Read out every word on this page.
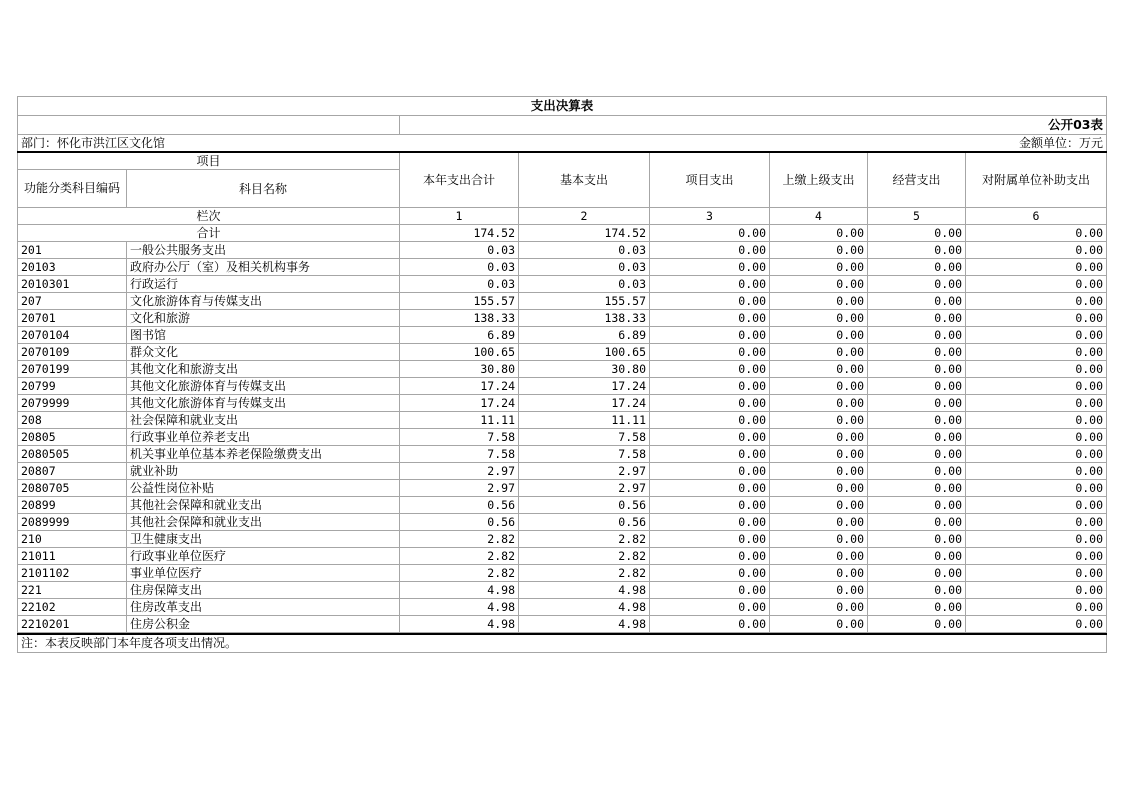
支出决算表							
		公开03表					
部门：怀化市洪江区文化馆		金额单位：万元					
项目		本年支出合计	基本支出	项目支出	上缴上级支出	经营支出	对附属单位补助支出
功能分类科目编码	科目名称						
栏次		1	2	3	4	5	6
合计		174.52	174.52	0.00	0.00	0.00	0.00
201	一般公共服务支出	0.03	0.03	0.00	0.00	0.00	0.00
20103	政府办公厅（室）及相关机构事务	0.03	0.03	0.00	0.00	0.00	0.00
2010301	行政运行	0.03	0.03	0.00	0.00	0.00	0.00
207	文化旅游体育与传媒支出	155.57	155.57	0.00	0.00	0.00	0.00
20701	文化和旅游	138.33	138.33	0.00	0.00	0.00	0.00
2070104	图书馆	6.89	6.89	0.00	0.00	0.00	0.00
2070109	群众文化	100.65	100.65	0.00	0.00	0.00	0.00
2070199	其他文化和旅游支出	30.80	30.80	0.00	0.00	0.00	0.00
20799	其他文化旅游体育与传媒支出	17.24	17.24	0.00	0.00	0.00	0.00
2079999	其他文化旅游体育与传媒支出	17.24	17.24	0.00	0.00	0.00	0.00
208	社会保障和就业支出	11.11	11.11	0.00	0.00	0.00	0.00
20805	行政事业单位养老支出	7.58	7.58	0.00	0.00	0.00	0.00
2080505	机关事业单位基本养老保险缴费支出	7.58	7.58	0.00	0.00	0.00	0.00
20807	就业补助	2.97	2.97	0.00	0.00	0.00	0.00
2080705	公益性岗位补贴	2.97	2.97	0.00	0.00	0.00	0.00
20899	其他社会保障和就业支出	0.56	0.56	0.00	0.00	0.00	0.00
2089999	其他社会保障和就业支出	0.56	0.56	0.00	0.00	0.00	0.00
210	卫生健康支出	2.82	2.82	0.00	0.00	0.00	0.00
21011	行政事业单位医疗	2.82	2.82	0.00	0.00	0.00	0.00
2101102	事业单位医疗	2.82	2.82	0.00	0.00	0.00	0.00
221	住房保障支出	4.98	4.98	0.00	0.00	0.00	0.00
22102	住房改革支出	4.98	4.98	0.00	0.00	0.00	0.00
2210201	住房公积金	4.98	4.98	0.00	0.00	0.00	0.00
注：本表反映部门本年度各项支出情况。
